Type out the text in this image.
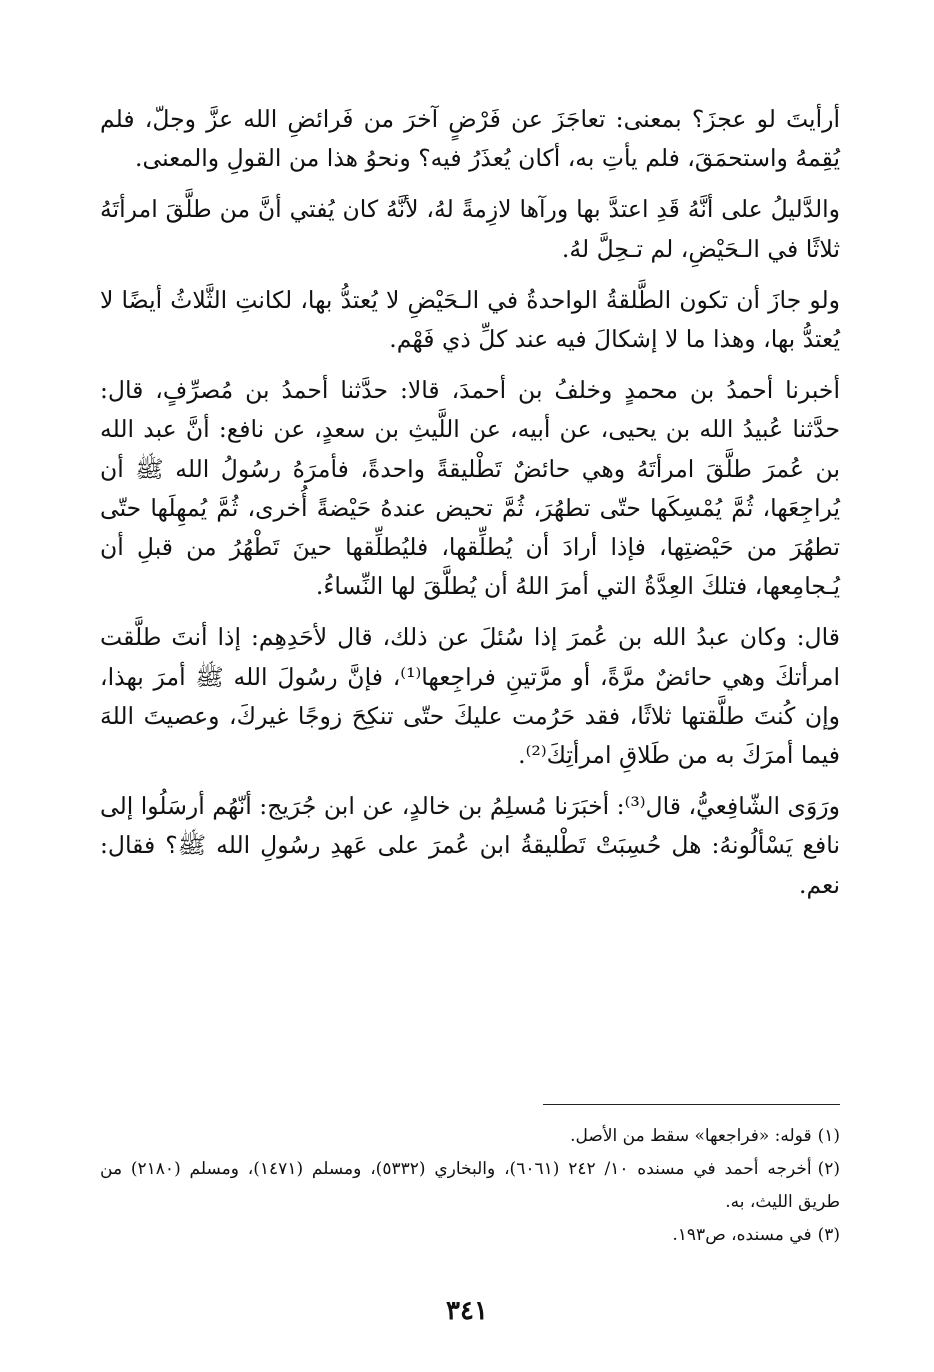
أرأيتَ لو عجزَ؟ بمعنى: تعاجَزَ عن فَرْضٍ آخرَ من فَرائضِ الله عزَّ وجلّ، فلم يُقِمهُ واستحمَقَ، فلم يأتِ به، أكان يُعذَرُ فيه؟ ونحوُ هذا من القولِ والمعنى.

والدَّليلُ على أنَّهُ قَدِ اعتدَّ بها ورآها لازِمةً لهُ، لأنَّهُ كان يُفتي أنَّ من طلَّقَ امرأتَهُ ثلاثًا في الـحَيْضِ، لم تـحِلَّ لهُ.

ولو جازَ أن تكون الطَّلقةُ الواحدةُ في الـحَيْضِ لا يُعتدُّ بها، لكانتِ الثَّلاثُ أيضًا لا يُعتدُّ بها، وهذا ما لا إشكالَ فيه عند كلِّ ذي فَهْم.

أخبرنا أحمدُ بن محمدٍ وخلفُ بن أحمدَ، قالا: حدَّثنا أحمدُ بن مُصرِّفٍ، قال: حدَّثنا عُبيدُ الله بن يحيى، عن أبيه، عن اللَّيثِ بن سعدٍ، عن نافع: أنَّ عبد الله بن عُمرَ طلَّقَ امرأتَهُ وهي حائضٌ تَطْليقةً واحدةً، فأمرَهُ رسُولُ الله ﷺ أن يُراجِعَها، ثُمَّ يُمْسِكَها حتّى تطهُرَ، ثُمَّ تحيض عندهُ حَيْضةً أُخرى، ثُمَّ يُمهِلَها حتّى تطهُرَ من حَيْضتِها، فإذا أرادَ أن يُطلِّقها، فليُطلِّقها حينَ تَطْهُرُ من قبلِ أن يُـجامِعها، فتلكَ العِدَّةُ التي أمرَ اللهُ أن يُطلَّقَ لها النِّساءُ.

قال: وكان عبدُ الله بن عُمرَ إذا سُئلَ عن ذلك، قال لأحَدِهِم: إذا أنتَ طلَّقت امرأتكَ وهي حائضٌ مرَّةً، أو مرَّتينِ فراجِعها⁽¹⁾، فإنَّ رسُولَ الله ﷺ أمرَ بهذا، وإن كُنتَ طلَّقتها ثلاثًا، فقد حَرُمت عليكَ حتّى تنكِحَ زوجًا غيركَ، وعصيتَ اللهَ فيما أمرَكَ به من طَلاقِ امرأتِكَ⁽²⁾.

ورَوَى الشّافِعيُّ، قال⁽³⁾: أخبَرَنا مُسلِمُ بن خالدٍ، عن ابن جُرَيج: أنّهُم أرسَلُوا إلى نافع يَسْألُونهُ: هل حُسِبَتْ تَطْليقةُ ابن عُمرَ على عَهدِ رسُولِ الله ﷺ؟ فقال: نعم.

(١)قوله: «فراجعها» سقط من الأصل.

(٢)أخرجه أحمد في مسنده ١٠/ ٢٤٢ (٦٠٦١)، والبخاري (٥٣٣٢)، ومسلم (١٤٧١)، ومسلم (٢١٨٠) من طريق الليث، به.

(٣)في مسنده، ص١٩٣.

٣٤١
